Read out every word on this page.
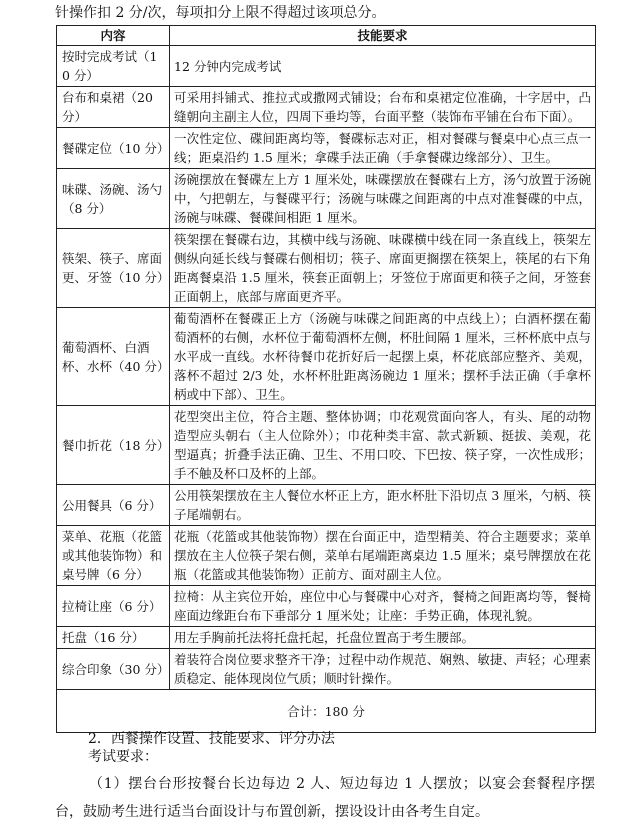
针操作扣 2 分/次，每项扣分上限不得超过该项总分。
内容	技能要求
按时完成考试（10 分）	12 分钟内完成考试
台布和桌裙（20 分）	可采用抖铺式、推拉式或撒网式铺设；台布和桌裙定位准确，十字居中，凸缝朝向主副主人位，四周下垂均等，台面平整（装饰布平铺在台布下面）。
餐碟定位（10 分）	一次性定位、碟间距离均等，餐碟标志对正，相对餐碟与餐桌中心点三点一线；距桌沿约 1.5 厘米；拿碟手法正确（手拿餐碟边缘部分）、卫生。
味碟、汤碗、汤勺（8 分）	汤碗摆放在餐碟左上方 1 厘米处，味碟摆放在餐碟右上方，汤勺放置于汤碗中，勺把朝左，与餐碟平行；汤碗与味碟之间距离的中点对准餐碟的中点，汤碗与味碟、餐碟间相距 1 厘米。
筷架、筷子、席面更、牙签（10 分）	筷架摆在餐碟右边，其横中线与汤碗、味碟横中线在同一条直线上，筷架左侧纵向延长线与餐碟右侧相切；筷子、席面更搁摆在筷架上，筷尾的右下角距离餐桌沿 1.5 厘米，筷套正面朝上；牙签位于席面更和筷子之间，牙签套正面朝上，底部与席面更齐平。
葡萄酒杯、白酒杯、水杯（40 分）	葡萄酒杯在餐碟正上方（汤碗与味碟之间距离的中点线上）；白酒杯摆在葡萄酒杯的右侧，水杯位于葡萄酒杯左侧，杯肚间隔 1 厘米，三杯杯底中点与水平成一直线。水杯待餐巾花折好后一起摆上桌，杯花底部应整齐、美观，落杯不超过 2/3 处，水杯杯肚距离汤碗边 1 厘米；摆杯手法正确（手拿杯柄或中下部）、卫生。
餐巾折花（18 分）	花型突出主位，符合主题、整体协调；巾花观赏面向客人，有头、尾的动物造型应头朝右（主人位除外）；巾花种类丰富、款式新颖、挺拔、美观，花型逼真；折叠手法正确、卫生、不用口咬、下巴按、筷子穿，一次性成形；手不触及杯口及杯的上部。
公用餐具（6 分）	公用筷架摆放在主人餐位水杯正上方，距水杯肚下沿切点 3 厘米，勺柄、筷子尾端朝右。
菜单、花瓶（花篮或其他装饰物）和桌号牌（6 分）	花瓶（花篮或其他装饰物）摆在台面正中，造型精美、符合主题要求；菜单摆放在主人位筷子架右侧，菜单右尾端距离桌边 1.5 厘米；桌号牌摆放在花瓶（花篮或其他装饰物）正前方、面对副主人位。
拉椅让座（6 分）	拉椅：从主宾位开始，座位中心与餐碟中心对齐，餐椅之间距离均等，餐椅座面边缘距台布下垂部分 1 厘米处；让座：手势正确，体现礼貌。
托盘（16 分）	用左手胸前托法将托盘托起，托盘位置高于考生腰部。
综合印象（30 分）	着装符合岗位要求整齐干净；过程中动作规范、娴熟、敏捷、声轻；心理素质稳定、能体现岗位气质；顺时针操作。
合计：180 分	
2．西餐操作设置、技能要求、评分办法
考试要求：
（1）摆台台形按餐台长边每边 2 人、短边每边 1 人摆放；以宴会套餐程序摆台，鼓励考生进行适当台面设计与布置创新，摆设设计由各考生自定。
